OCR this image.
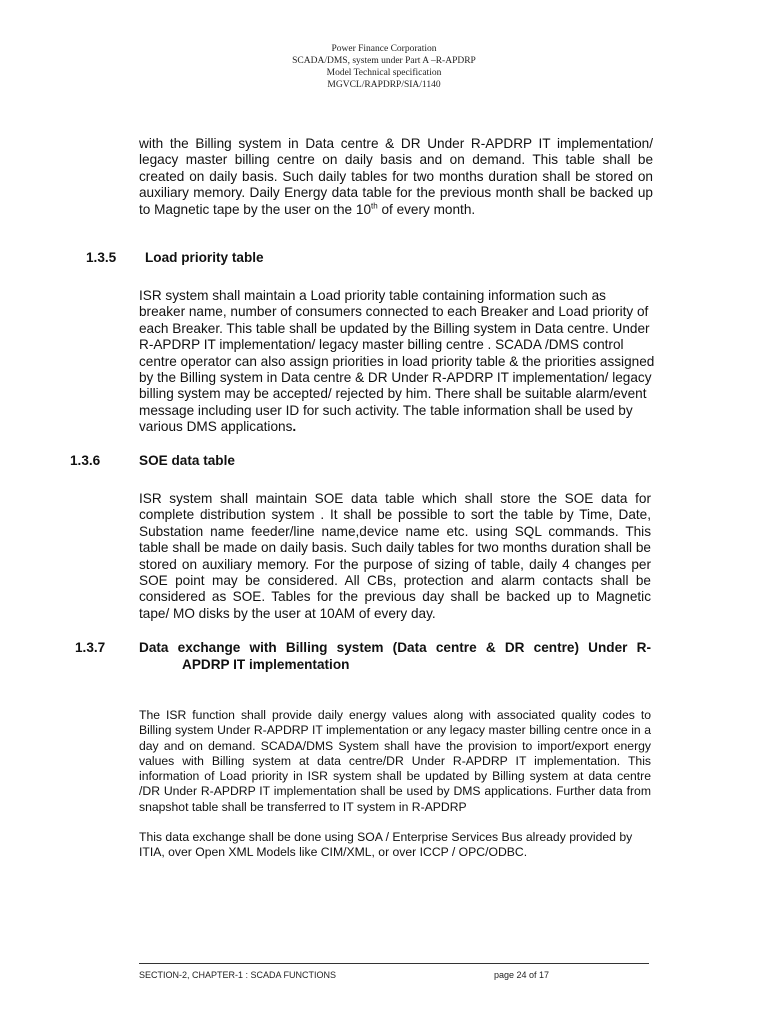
Power Finance Corporation
SCADA/DMS, system under Part A –R-APDRP
Model Technical specification
MGVCL/RAPDRP/SIA/1140
with the Billing system in Data centre & DR Under R-APDRP IT implementation/ legacy master billing centre on daily basis and on demand. This table shall be created on daily basis. Such daily tables for two months duration shall be stored on auxiliary memory. Daily Energy data table for the previous month shall be backed up to Magnetic tape by the user on the 10th of every month.
1.3.5 Load priority table
ISR system shall maintain a Load priority table containing information such as breaker name, number of consumers connected to each Breaker and Load priority of each Breaker. This table shall be updated by the Billing system in Data centre. Under R-APDRP IT implementation/ legacy master billing centre . SCADA /DMS control centre operator can also assign priorities in load priority table & the priorities assigned by the Billing system in Data centre & DR Under R-APDRP IT implementation/ legacy billing system may be accepted/ rejected by him. There shall be suitable alarm/event message including user ID for such activity. The table information shall be used by various DMS applications.
1.3.6	SOE data table
ISR system shall maintain SOE data table which shall store the SOE data for complete distribution system . It shall be possible to sort the table by Time, Date, Substation name feeder/line name,device name etc. using SQL commands. This table shall be made on daily basis. Such daily tables for two months duration shall be stored on auxiliary memory. For the purpose of sizing of table, daily 4 changes per SOE point may be considered. All CBs, protection and alarm contacts shall be considered as SOE. Tables for the previous day shall be backed up to Magnetic tape/ MO disks by the user at 10AM of every day.
1.3.7 Data exchange with Billing system (Data centre & DR centre) Under R-
APDRP IT implementation
The ISR function shall provide daily energy values along with associated quality codes to Billing system Under R-APDRP IT implementation or any legacy master billing centre once in a day and on demand. SCADA/DMS System shall have the provision to import/export energy values with Billing system at data centre/DR Under R-APDRP IT implementation. This information of Load priority in ISR system shall be updated by Billing system at data centre /DR Under R-APDRP IT implementation shall be used by DMS applications. Further data from snapshot table shall be transferred to IT system in R-APDRP
This data exchange shall be done using SOA / Enterprise Services Bus already provided by ITIA, over Open XML Models like CIM/XML, or over ICCP / OPC/ODBC.
SECTION-2, CHAPTER-1 : SCADA FUNCTIONS	page 24 of 17
